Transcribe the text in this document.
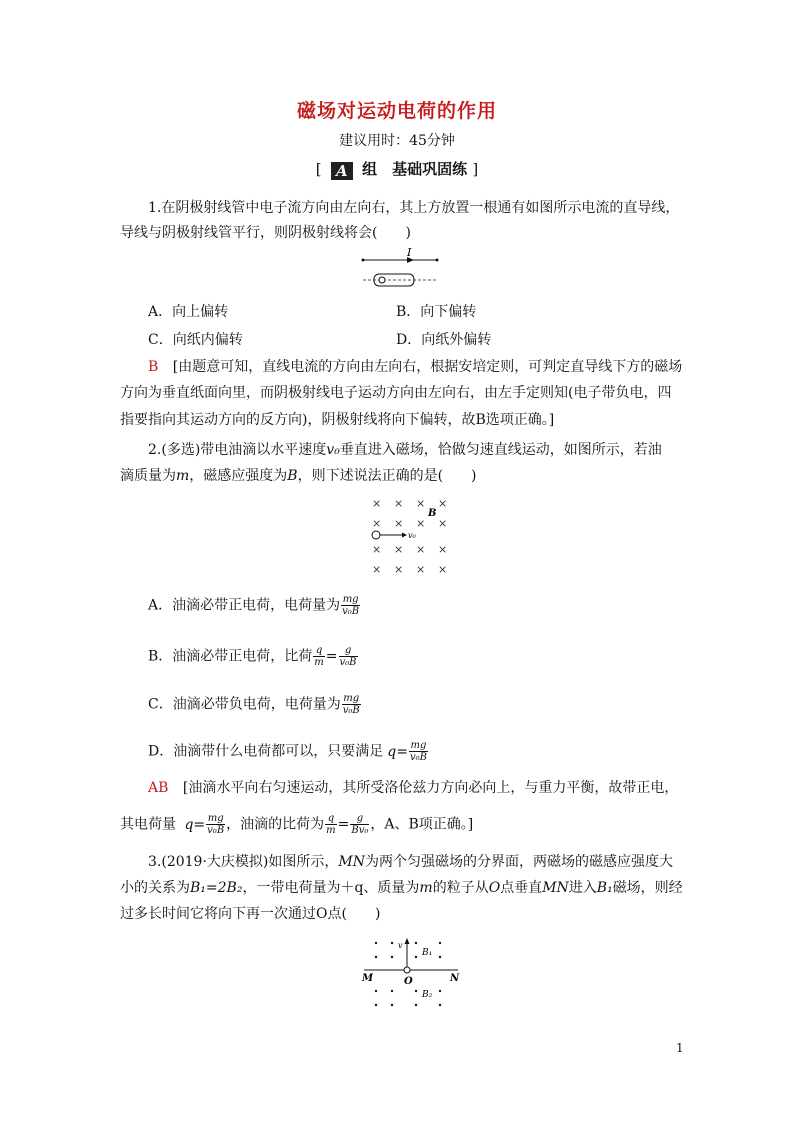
磁场对运动电荷的作用
建议用时：45分钟
[ A 组　基础巩固练 ]
1.在阴极射线管中电子流方向由左向右，其上方放置一根通有如图所示电流的直导线，
导线与阴极射线管平行，则阴极射线将会(　　)
I
A．向上偏转	B．向下偏转
C．向纸内偏转	D．向纸外偏转
B [由题意可知，直线电流的方向由左向右，根据安培定则，可判定直导线下方的磁场
方向为垂直纸面向里，而阴极射线电子运动方向由左向右，由左手定则知(电子带负电，四
指要指向其运动方向的反方向)，阴极射线将向下偏转，故B选项正确。]
2.(多选)带电油滴以水平速度v₀垂直进入磁场，恰做匀速直线运动，如图所示，若油
滴质量为m，磁感应强度为B，则下述说法正确的是(　　)
× × × ×
× × × ×
× × × ×
× × × ×
B
v₀
A．油滴必带正电荷，电荷量为 $\frac{mg}{\text{v₀B}}$
B．油滴必带正电荷，比荷 $\frac{q}{m} = \frac{g}{\text{v₀B}}$
C．油滴必带负电荷，电荷量为 $\frac{mg}{\text{v₀B}}$
D．油滴带什么电荷都可以，只要满足 $q= \frac{mg}{\text{v₀B}}$
AB [油滴水平向右匀速运动，其所受洛伦兹力方向必向上，与重力平衡，故带正电，
其电荷量 $q= \frac{mg}{\text{v₀B}}$ ，油滴的比荷为 $\frac{q}{m} = \frac{g}{\text{Bv₀}}$ ，A、B项正确。]
3.(2019·大庆模拟)如图所示，MN为两个匀强磁场的分界面，两磁场的磁感应强度大
小的关系为B₁=2B₂，一带电荷量为＋q、质量为m的粒子从O点垂直MN进入B₁磁场，则经
过多长时间它将向下再一次通过O点(　　)
v
B₁
B₂
M	N
O
1
